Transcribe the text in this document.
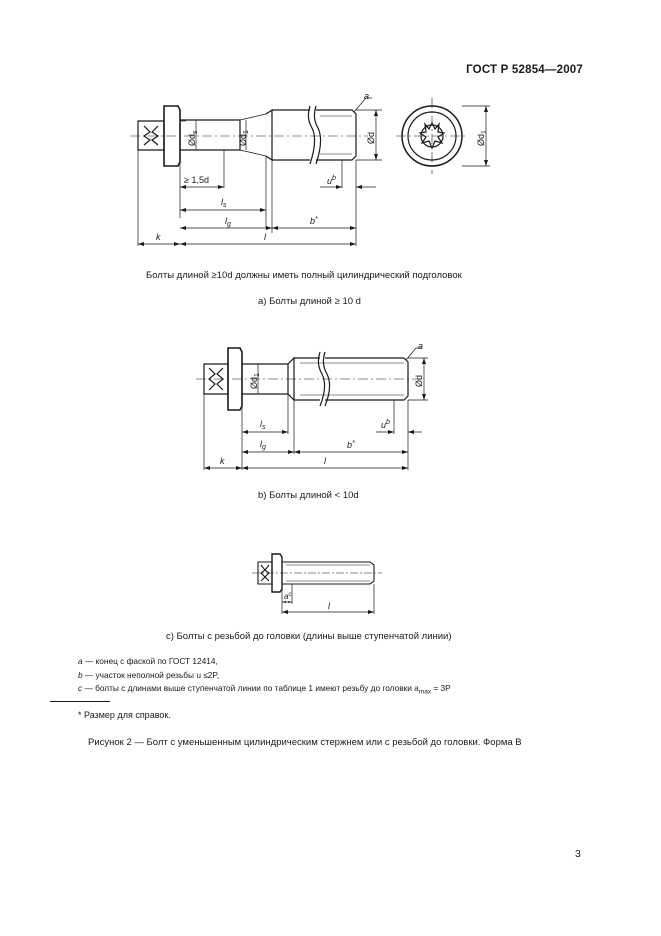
ГОСТ Р 52854—2007
a
$Ød_s$
$Ød_1$	Ød	$Ød_1$
≥ 1,5d	$u^b$
$l_s$
$l_g$	b*
k	l
Болты длиной ≥10d должны иметь полный цилиндрический подголовок
а) Болты длиной ≥ 10 d
a
$Ød_1$	Ød
$l_s$	$u^b$
$l_g$	b*
k	l
b) Болты длиной < 10d
$a^c$
l
c) Болты с резьбой до головки (длины выше ступенчатой линии)
a — конец с фаской по ГОСТ 12414,
b — участок неполной резьбы u ≤2P,
c — болты с длинами выше ступенчатой линии по таблице 1 имеют резьбу до головки $a_{max} = 3P$
* Размер для справок.
Рисунок 2 — Болт с уменьшенным цилиндрическим стержнем или с резьбой до головки. Форма В
3
